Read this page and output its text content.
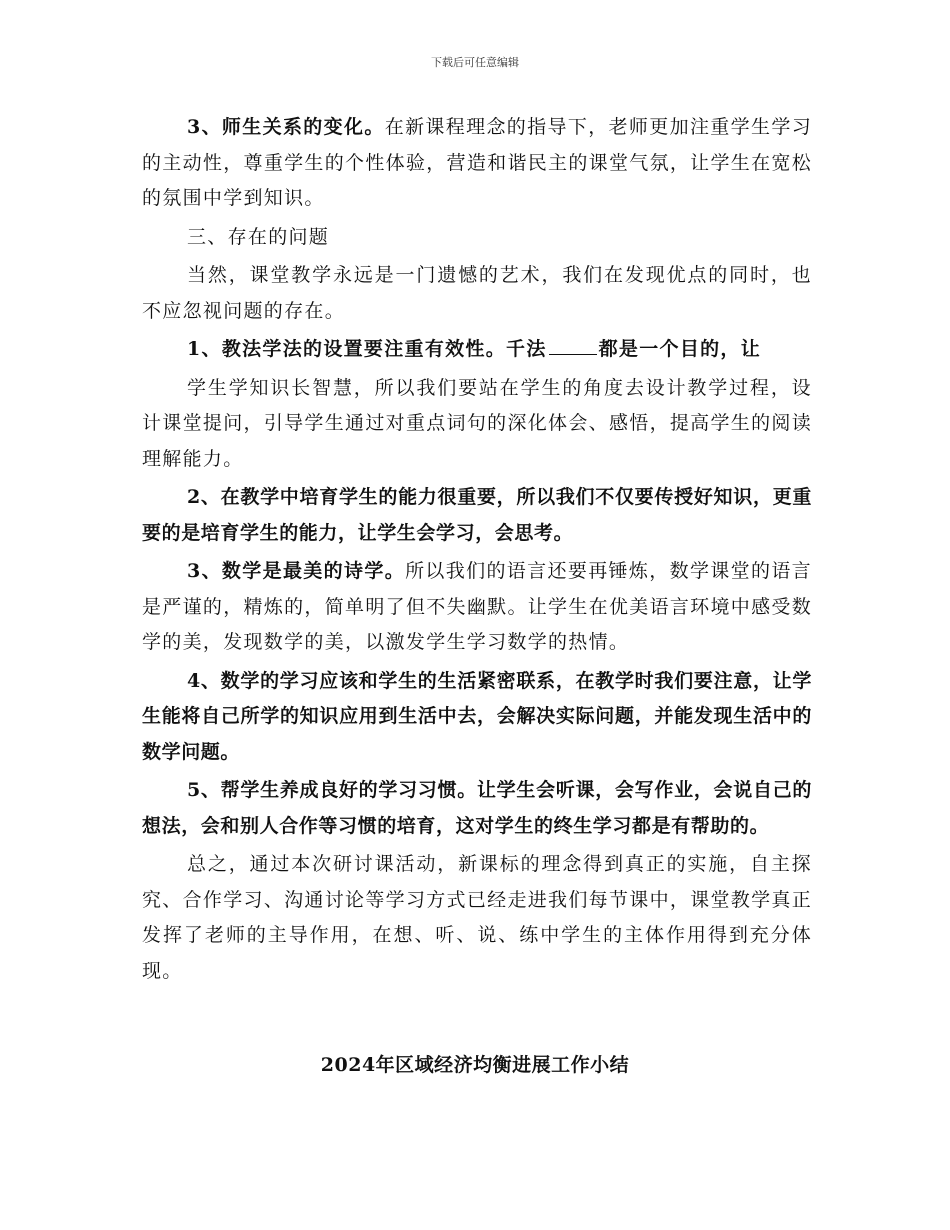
下载后可任意编辑

3、师生关系的变化。在新课程理念的指导下，老师更加注重学生学习的主动性，尊重学生的个性体验，营造和谐民主的课堂气氛，让学生在宽松的氛围中学到知识。

三、存在的问题

当然，课堂教学永远是一门遗憾的艺术，我们在发现优点的同时，也不应忽视问题的存在。

1、教法学法的设置要注重有效性。千法	都是一个目的，让

学生学知识长智慧，所以我们要站在学生的角度去设计教学过程，设计课堂提问，引导学生通过对重点词句的深化体会、感悟，提高学生的阅读理解能力。

2、在教学中培育学生的能力很重要，所以我们不仅要传授好知识，更重要的是培育学生的能力，让学生会学习，会思考。

3、数学是最美的诗学。所以我们的语言还要再锤炼，数学课堂的语言是严谨的，精炼的，简单明了但不失幽默。让学生在优美语言环境中感受数学的美，发现数学的美，以激发学生学习数学的热情。

4、数学的学习应该和学生的生活紧密联系，在教学时我们要注意，让学生能将自己所学的知识应用到生活中去，会解决实际问题，并能发现生活中的数学问题。

5、帮学生养成良好的学习习惯。让学生会听课，会写作业，会说自己的想法，会和别人合作等习惯的培育，这对学生的终生学习都是有帮助的。

总之，通过本次研讨课活动，新课标的理念得到真正的实施，自主探究、合作学习、沟通讨论等学习方式已经走进我们每节课中，课堂教学真正发挥了老师的主导作用，在想、听、说、练中学生的主体作用得到充分体现。

2024年区域经济均衡进展工作小结
